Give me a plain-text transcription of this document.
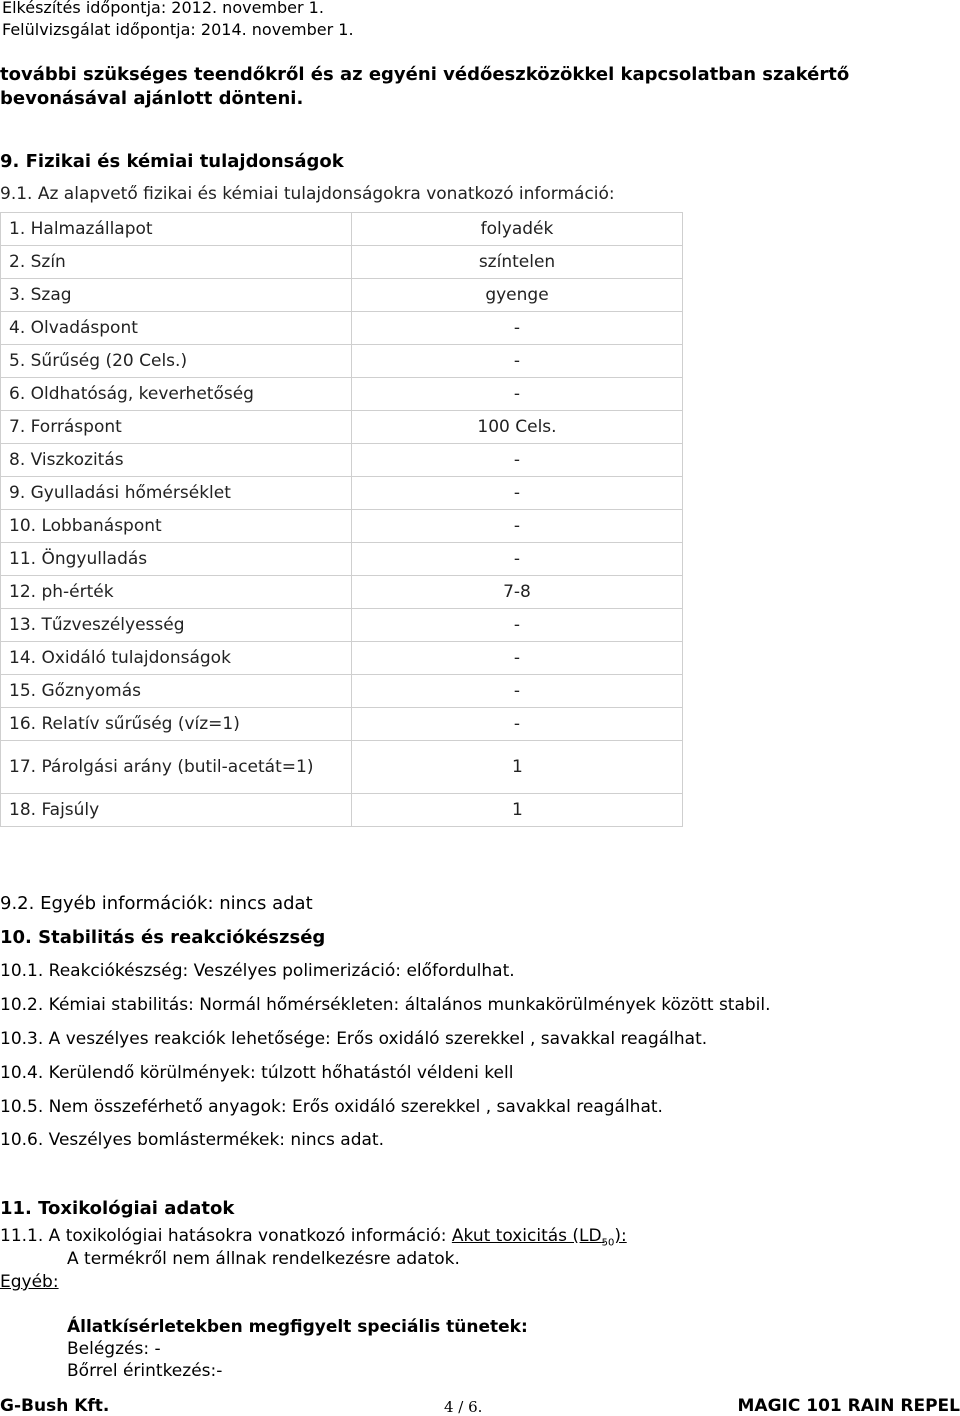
Elkészítés időpontja: 2012. november 1.
Felülvizsgálat időpontja: 2014. november 1.
további szükséges teendőkről és az egyéni védőeszközökkel kapcsolatban szakértő
bevonásával ajánlott dönteni.
9. Fizikai és kémiai tulajdonságok
9.1. Az alapvető fizikai és kémiai tulajdonságokra vonatkozó információ:
1. Halmazállapot	folyadék
2. Szín	színtelen
3. Szag	gyenge
4. Olvadáspont	-
5. Sűrűség (20 Cels.)	-
6. Oldhatóság, keverhetőség	-
7. Forráspont	100 Cels.
8. Viszkozitás	-
9. Gyulladási hőmérséklet	-
10. Lobbanáspont	-
11. Öngyulladás	-
12. ph-érték	7-8
13. Tűzveszélyesség	-
14. Oxidáló tulajdonságok	-
15. Gőznyomás	-
16. Relatív sűrűség (víz=1)	-
17. Párolgási arány (butil-acetát=1)	1
18. Fajsúly	1
9.2. Egyéb információk: nincs adat
10. Stabilitás és reakciókészség
10.1. Reakciókészség: Veszélyes polimerizáció: előfordulhat.
10.2. Kémiai stabilitás: Normál hőmérsékleten: általános munkakörülmények között stabil.
10.3. A veszélyes reakciók lehetősége: Erős oxidáló szerekkel , savakkal reagálhat.
10.4. Kerülendő körülmények: túlzott hőhatástól véldeni kell
10.5. Nem összeférhető anyagok: Erős oxidáló szerekkel , savakkal reagálhat.
10.6. Veszélyes bomlástermékek: nincs adat.
11. Toxikológiai adatok
11.1. A toxikológiai hatásokra vonatkozó információ: Akut toxicitás $(LD_{50})$:
A termékről nem állnak rendelkezésre adatok.
Egyéb:
Állatkísérletekben megfigyelt speciális tünetek:
Belégzés: -
Bőrrel érintkezés:-
G-Bush Kft.	4 / 6.	MAGIC 101 RAIN REPEL
